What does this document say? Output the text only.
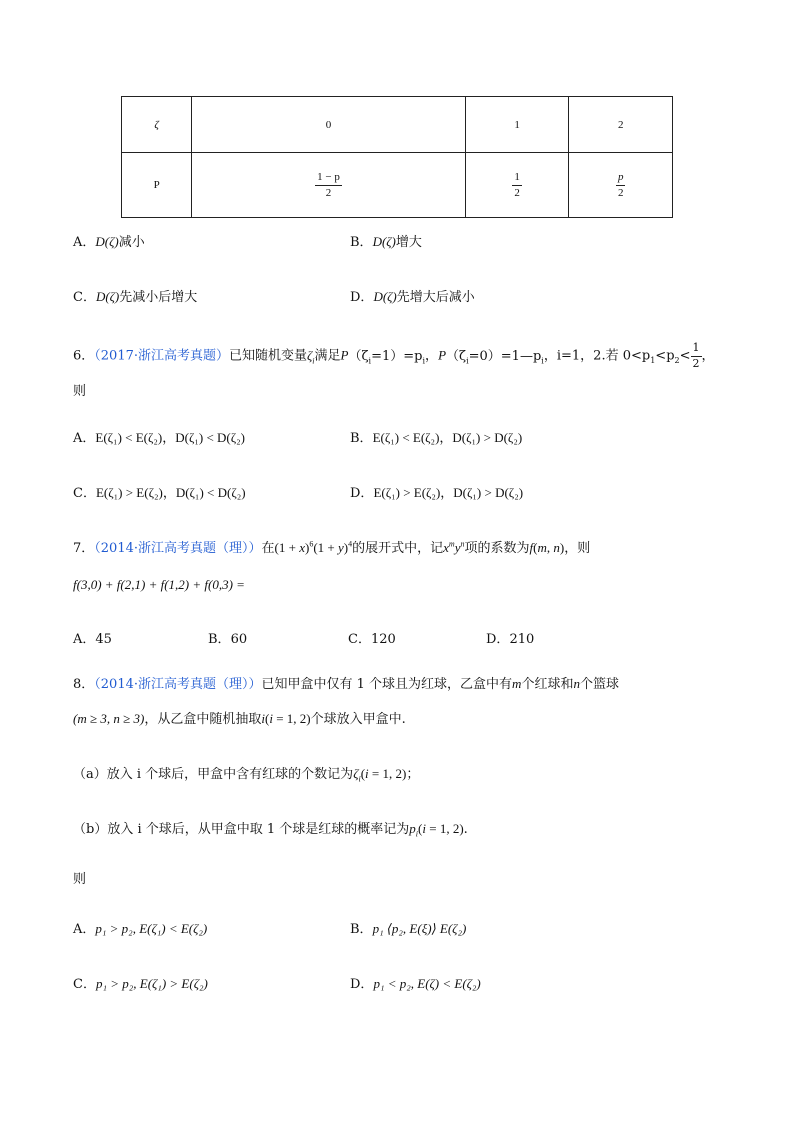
ζ	0	1	2
P	$\frac{1 - p}{2}$	$\frac{1}{2}$	$\frac{p}{2}$
A．D(ζ)减小	B．D(ζ)增大
C．D(ζ)先减小后增大	D．D(ζ)先增大后减小
6．（2017·浙江高考真题）已知随机变量$\zeta_i$满足$P(\zeta_i=1)=p_i$，$P(\zeta_i=0)=1—p_i$，i=1，2.若 $0<p_1<p_2< \frac{1}{2}$ ，
则
A．E(ζ₁) < E(ζ₂)，D(ζ₁) < D(ζ₂)	B．E(ζ₁) < E(ζ₂)，D(ζ₁) > D(ζ₂)
C．E(ζ₁) > E(ζ₂)，D(ζ₁) < D(ζ₂)	D．E(ζ₁) > E(ζ₂)，D(ζ₁) > D(ζ₂)
7．（2014·浙江高考真题（理））在$(1 + x)^6(1 + y)^4$的展开式中，记$x^my^n$项的系数为f(m, n)，则
f(3,0) + f(2,1) + f(1,2) + f(0,3) =
A．45	B．60	C．120	D．210
8．（2014·浙江高考真题（理））已知甲盒中仅有 1 个球且为红球，乙盒中有m个红球和n个篮球
(m ≥ 3, n ≥ 3)，从乙盒中随机抽取i(i = 1, 2)个球放入甲盒中.
（a）放入 i 个球后，甲盒中含有红球的个数记为$\zeta_i(i = 1$, 2)；
（b）放入 i 个球后，从甲盒中取 1 个球是红球的概率记为$p_i(i = 1$, 2).
则
A．p₁ > p₂, E(ζ₁) < E(ζ₂)	B．p₁ ⟨p₂, E(ξ)⟩ E(ζ₂)
C．p₁ > p₂, E(ζ₁) > E(ζ₂)	D．p₁ < p₂, E(ζ) < E(ζ₂)
